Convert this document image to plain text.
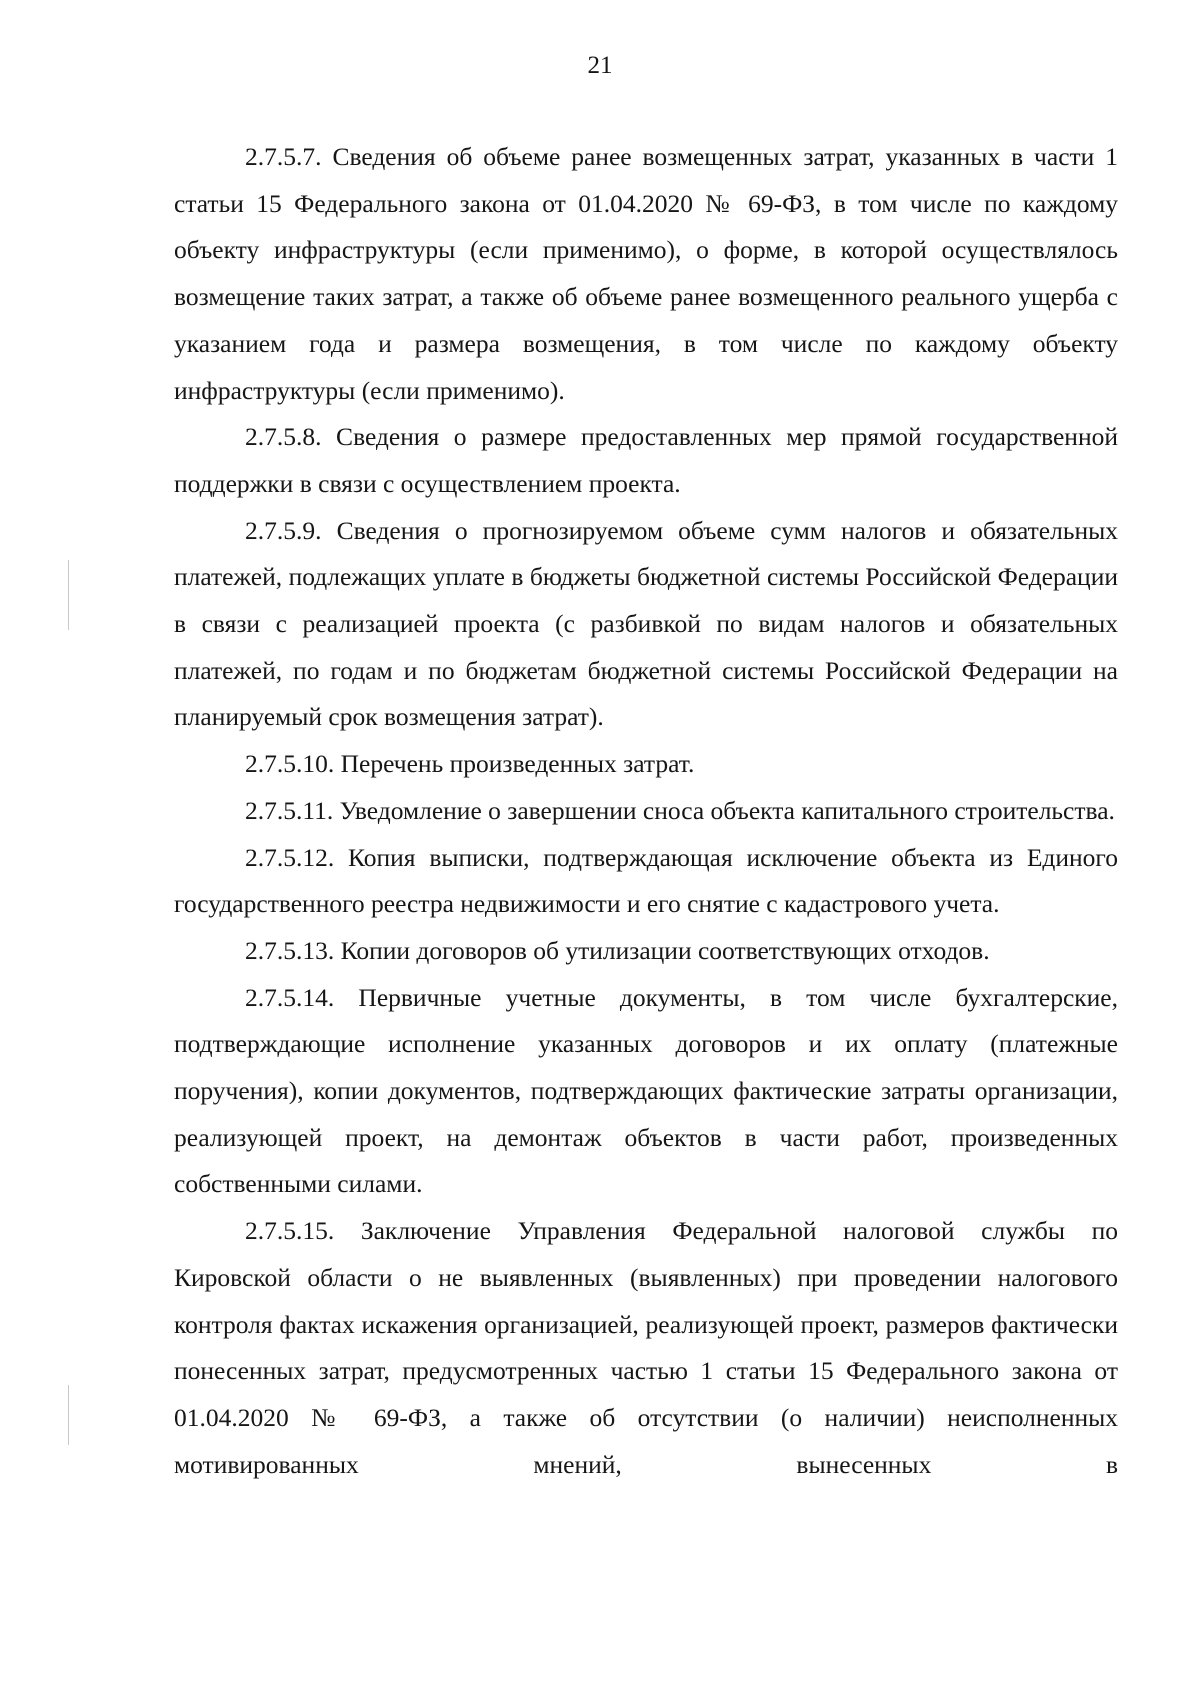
21

2.7.5.7. Сведения об объеме ранее возмещенных затрат, указанных в части 1 статьи 15 Федерального закона от 01.04.2020 № 69-ФЗ, в том числе по каждому объекту инфраструктуры (если применимо), о форме, в которой осуществлялось возмещение таких затрат, а также об объеме ранее возмещенного реального ущерба с указанием года и размера возмещения, в том числе по каждому объекту инфраструктуры (если применимо).

2.7.5.8. Сведения о размере предоставленных мер прямой государственной поддержки в связи с осуществлением проекта.

2.7.5.9. Сведения о прогнозируемом объеме сумм налогов и обязательных платежей, подлежащих уплате в бюджеты бюджетной системы Российской Федерации в связи с реализацией проекта (с разбивкой по видам налогов и обязательных платежей, по годам и по бюджетам бюджетной системы Российской Федерации на планируемый срок возмещения затрат).

2.7.5.10. Перечень произведенных затрат.

2.7.5.11. Уведомление о завершении сноса объекта капитального строительства.

2.7.5.12. Копия выписки, подтверждающая исключение объекта из Единого государственного реестра недвижимости и его снятие с кадастрового учета.

2.7.5.13. Копии договоров об утилизации соответствующих отходов.

2.7.5.14. Первичные учетные документы, в том числе бухгалтерские, подтверждающие исполнение указанных договоров и их оплату (платежные поручения), копии документов, подтверждающих фактические затраты организации, реализующей проект, на демонтаж объектов в части работ, произведенных собственными силами.

2.7.5.15. Заключение Управления Федеральной налоговой службы по Кировской области о не выявленных (выявленных) при проведении налогового контроля фактах искажения организацией, реализующей проект, размеров фактически понесенных затрат, предусмотренных частью 1 статьи 15 Федерального закона от 01.04.2020 № 69-ФЗ, а также об отсутствии (о наличии) неисполненных мотивированных мнений, вынесенных в
